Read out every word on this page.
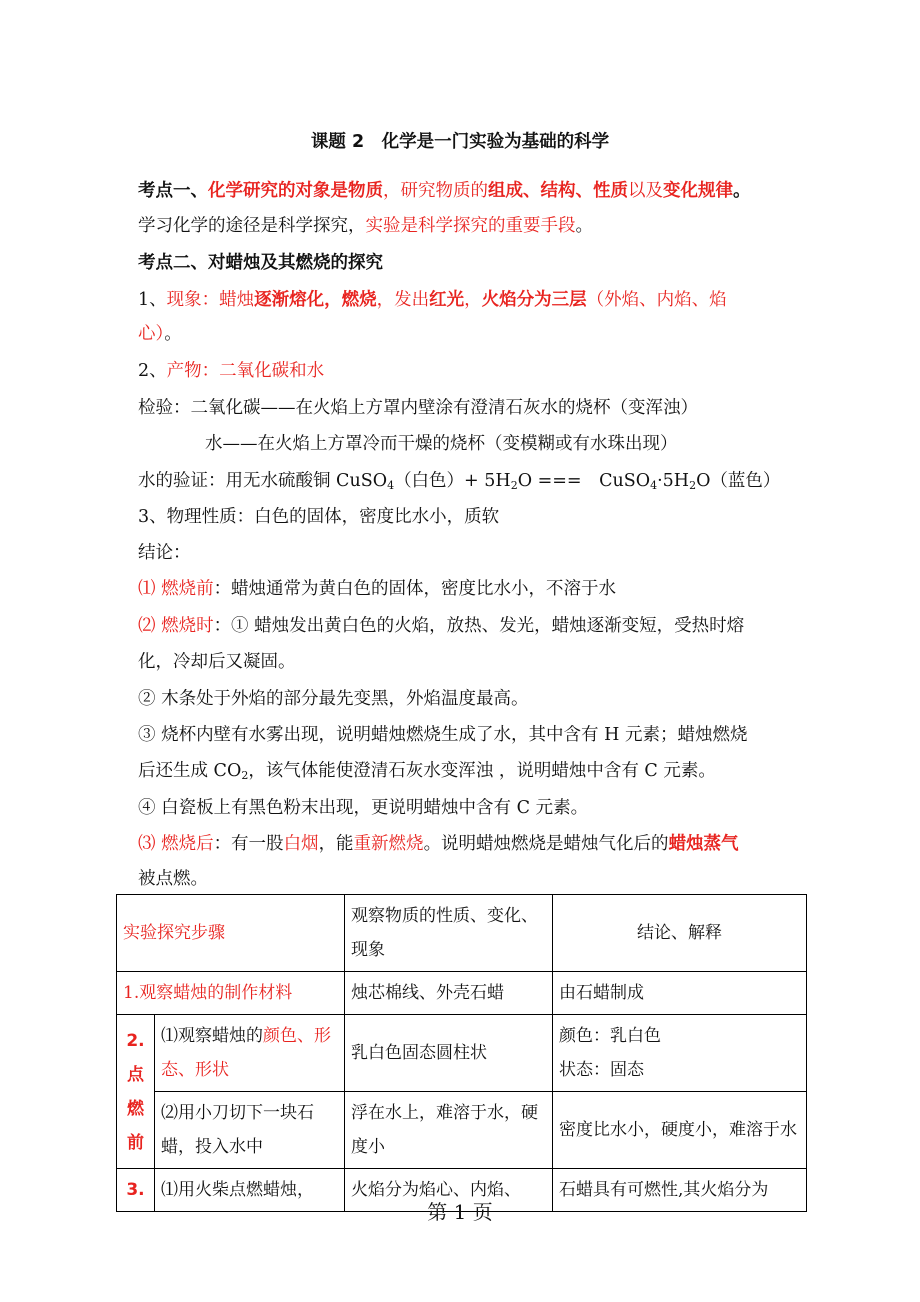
课题 2　化学是一门实验为基础的科学
考点一、化学研究的对象是物质，研究物质的组成、结构、性质以及变化规律。
学习化学的途径是科学探究，实验是科学探究的重要手段。
考点二、对蜡烛及其燃烧的探究
1、现象：蜡烛逐渐熔化，燃烧，发出红光，火焰分为三层（外焰、内焰、焰
心）。
2、产物：二氧化碳和水
检验：二氧化碳——在火焰上方罩内壁涂有澄清石灰水的烧杯（变浑浊）
水——在火焰上方罩冷而干燥的烧杯（变模糊或有水珠出现）
水的验证：用无水硫酸铜 CuSO$_4$（白色）+ $5H_2O$ ===　$CuSO_4\cdot 5H_2O$（蓝色）
3、物理性质：白色的固体，密度比水小，质软
结论：
⑴ 燃烧前：蜡烛通常为黄白色的固体，密度比水小，不溶于水
⑵ 燃烧时：① 蜡烛发出黄白色的火焰，放热、发光，蜡烛逐渐变短，受热时熔
化，冷却后又凝固。
② 木条处于外焰的部分最先变黑，外焰温度最高。
③ 烧杯内壁有水雾出现，说明蜡烛燃烧生成了水，其中含有 H 元素；蜡烛燃烧
后还生成 $CO_2$，该气体能使澄清石灰水变浑浊 ，说明蜡烛中含有 C 元素。
④ 白瓷板上有黑色粉末出现，更说明蜡烛中含有 C 元素。
⑶ 燃烧后：有一股白烟，能重新燃烧。说明蜡烛燃烧是蜡烛气化后的蜡烛蒸气
被点燃。
实验探究步骤		观察物质的性质、变化、现象	结论、解释
1.观察蜡烛的制作材料		烛芯棉线、外壳石蜡	由石蜡制成
2.点燃前	⑴观察蜡烛的颜色、形态、形状	乳白色固态圆柱状	颜色：乳白色
状态：固态

	⑵用小刀切下一块石蜡，投入水中	浮在水上，难溶于水，硬度小	密度比水小，硬度小，难溶于水
3.	⑴用火柴点燃蜡烛，	火焰分为焰心、内焰、	石蜡具有可燃性,其火焰分为
第 1 页
